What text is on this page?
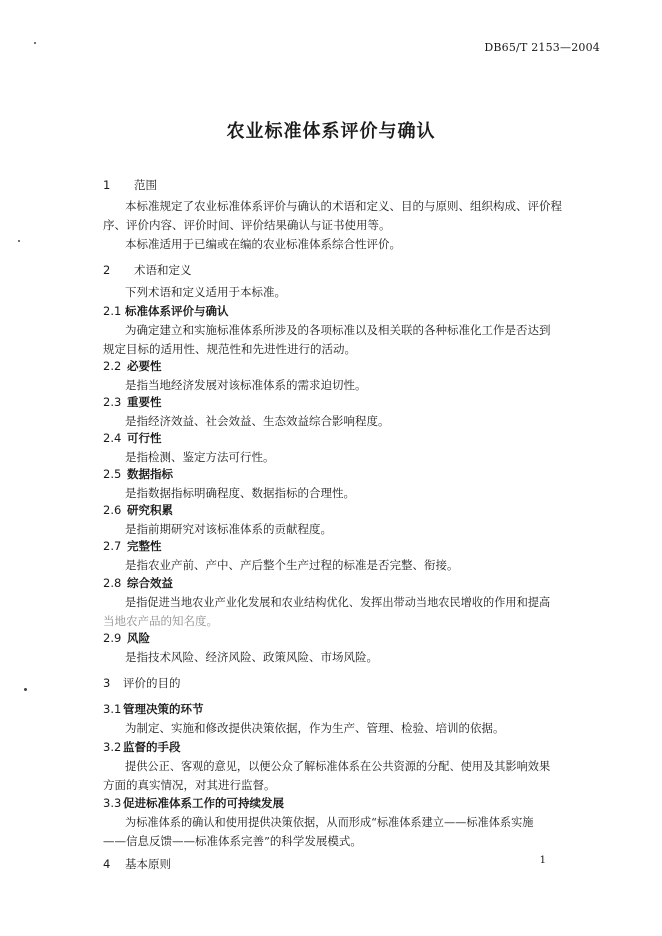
DB65/T 2153—2004
农业标准体系评价与确认
1 范围
本标准规定了农业标准体系评价与确认的术语和定义、目的与原则、组织构成、评价程
序、评价内容、评价时间、评价结果确认与证书使用等。
本标准适用于已编或在编的农业标准体系综合性评价。
2 术语和定义
下列术语和定义适用于本标准。
2.1 标准体系评价与确认
为确定建立和实施标准体系所涉及的各项标准以及相关联的各种标准化工作是否达到
规定目标的适用性、规范性和先进性进行的活动。
2.2 必要性
是指当地经济发展对该标准体系的需求迫切性。
2.3 重要性
是指经济效益、社会效益、生态效益综合影响程度。
2.4 可行性
是指检测、鉴定方法可行性。
2.5 数据指标
是指数据指标明确程度、数据指标的合理性。
2.6 研究积累
是指前期研究对该标准体系的贡献程度。
2.7 完整性
是指农业产前、产中、产后整个生产过程的标准是否完整、衔接。
2.8 综合效益
是指促进当地农业产业化发展和农业结构优化、发挥出带动当地农民增收的作用和提高
当地农产品的知名度。
2.9 风险
是指技术风险、经济风险、政策风险、市场风险。
3 评价的目的
3.1 管理决策的环节
为制定、实施和修改提供决策依据，作为生产、管理、检验、培训的依据。
3.2 监督的手段
提供公正、客观的意见，以便公众了解标准体系在公共资源的分配、使用及其影响效果
方面的真实情况，对其进行监督。
3.3 促进标准体系工作的可持续发展
为标准体系的确认和使用提供决策依据，从而形成“标准体系建立——标准体系实施
——信息反馈——标准体系完善”的科学发展模式。
4 基本原则	1
